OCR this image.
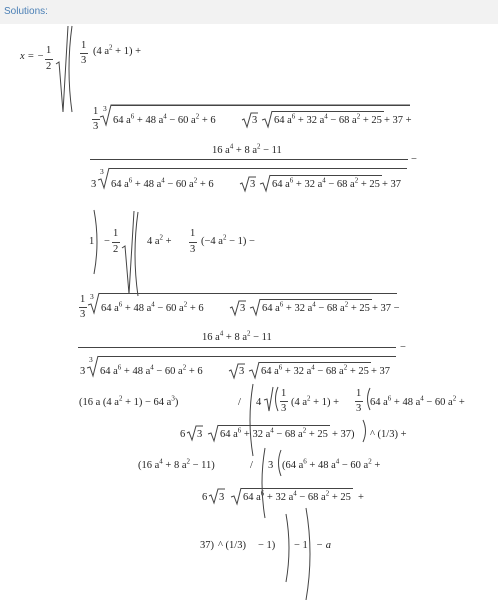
Solutions:
x = −
1
2
1
3
(4 $a^2 + 1$) +
1
3
3
64 $a^6 + 48$ $a^4 - 60$ $a^2 + 6$	3 64 $a^6 + 32$ $a^4 - 68$ $a^2 + 25 + 37$ +
16 $a^4 + 8$ $a^2 - 11$
−
3
3
64 $a^6 + 48$ $a^4 - 60$ $a^2 + 6$	3 64 $a^6 + 32$ $a^4 - 68$ $a^2 + 25 + 37$
1 −
1
2
4 $a^2$ +
1
3
(−4 $a^2 - 1$) −
1
3
3
64 $a^6 + 48$ $a^4 - 60$ $a^2 + 6$	3 64 $a^6 + 32$ $a^4 - 68$ $a^2 + 25 + 37$ −
16 $a^4 + 8$ $a^2 - 11$
−
3
3
64 $a^6 + 48$ $a^4 - 60$ $a^2 + 6$	3 64 $a^6 + 32$ $a^4 - 68$ $a^2 + 25 + 37$
(16 a (4 $a^2 + 1) - 64$ $a^3$)	/ 4
1
3
(4 $a^2 + 1$) +
1
3
64 $a^6 + 48$ $a^4 - 60$ $a^2$ +
6 3 64 $a^6 + 32$ $a^4 - 68$ $a^2 + 25 + 37$) ^ (1/3) +
(16 $a^4 + 8$ $a^2 - 11$)	/ 3 (64 $a^6 + 48$ $a^4 - 60$ $a^2$ +
6 3 64 $a^6 + 32$ $a^4 - 68$ $a^2 + 25$ +
37) ^ (1/3) − 1) − 1 − a
